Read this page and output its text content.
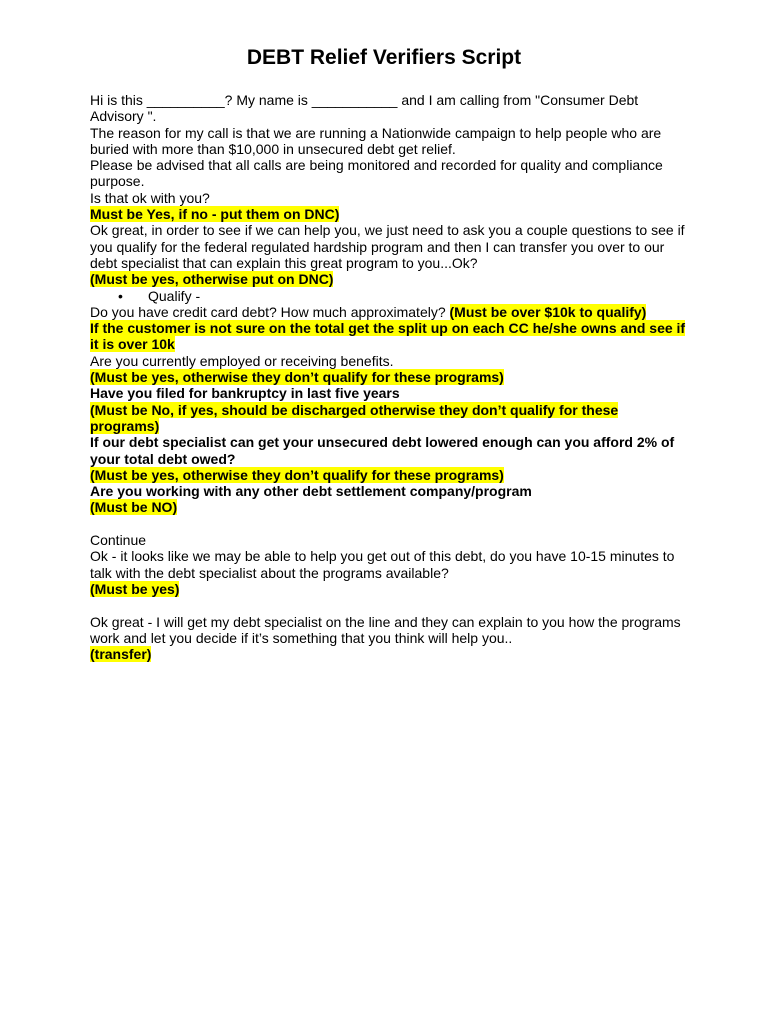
DEBT Relief Verifiers Script
Hi is this __________? My name is ___________ and I am calling from "Consumer Debt
Advisory ".
The reason for my call is that we are running a Nationwide campaign to help people who are
buried with more than $10,000 in unsecured debt get relief.
Please be advised that all calls are being monitored and recorded for quality and compliance
purpose.
Is that ok with you?
Must be Yes, if no - put them on DNC)
Ok great, in order to see if we can help you, we just need to ask you a couple questions to see if
you qualify for the federal regulated hardship program and then I can transfer you over to our
debt specialist that can explain this great program to you...Ok?
(Must be yes, otherwise put on DNC)
• Qualify -
Do you have credit card debt? How much approximately? (Must be over $10k to qualify)
If the customer is not sure on the total get the split up on each CC he/she owns and see if
it is over 10k
Are you currently employed or receiving benefits.
(Must be yes, otherwise they don’t qualify for these programs)
Have you filed for bankruptcy in last five years
(Must be No, if yes, should be discharged otherwise they don’t qualify for these
programs)
If our debt specialist can get your unsecured debt lowered enough can you afford 2% of
your total debt owed?
(Must be yes, otherwise they don’t qualify for these programs)
Are you working with any other debt settlement company/program
(Must be NO)
Continue
Ok - it looks like we may be able to help you get out of this debt, do you have 10-15 minutes to
talk with the debt specialist about the programs available?
(Must be yes)
Ok great - I will get my debt specialist on the line and they can explain to you how the programs
work and let you decide if it’s something that you think will help you..
(transfer)
